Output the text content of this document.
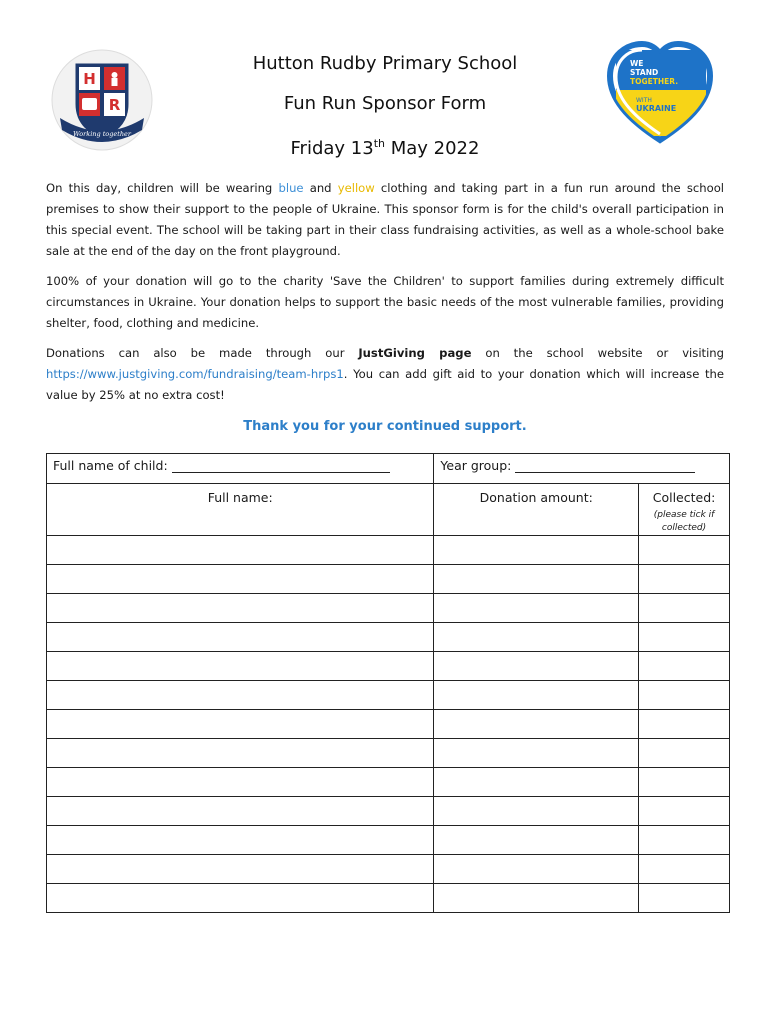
H
R
Working together
Hutton Rudby Primary School
Fun Run Sponsor Form
Friday 13th May 2022
WE
STAND
TOGETHER.
WITH
UKRAINE

On this day, children will be wearing blue and yellow clothing and taking part in a fun run around the school premises to show their support to the people of Ukraine. This sponsor form is for the child's overall participation in this special event. The school will be taking part in their class fundraising activities, as well as a whole-school bake sale at the end of the day on the front playground.

100% of your donation will go to the charity 'Save the Children' to support families during extremely difficult circumstances in Ukraine. Your donation helps to support the basic needs of the most vulnerable families, providing shelter, food, clothing and medicine.

Donations can also be made through our JustGiving page on the school website or visiting https://www.justgiving.com/fundraising/team-hrps1. You can add gift aid to your donation which will increase the value by 25% at no extra cost!

Thank you for your continued support.
Full name of child:	Year group:	

Full name:	Donation amount:	Collected:
(please tick if collected)
